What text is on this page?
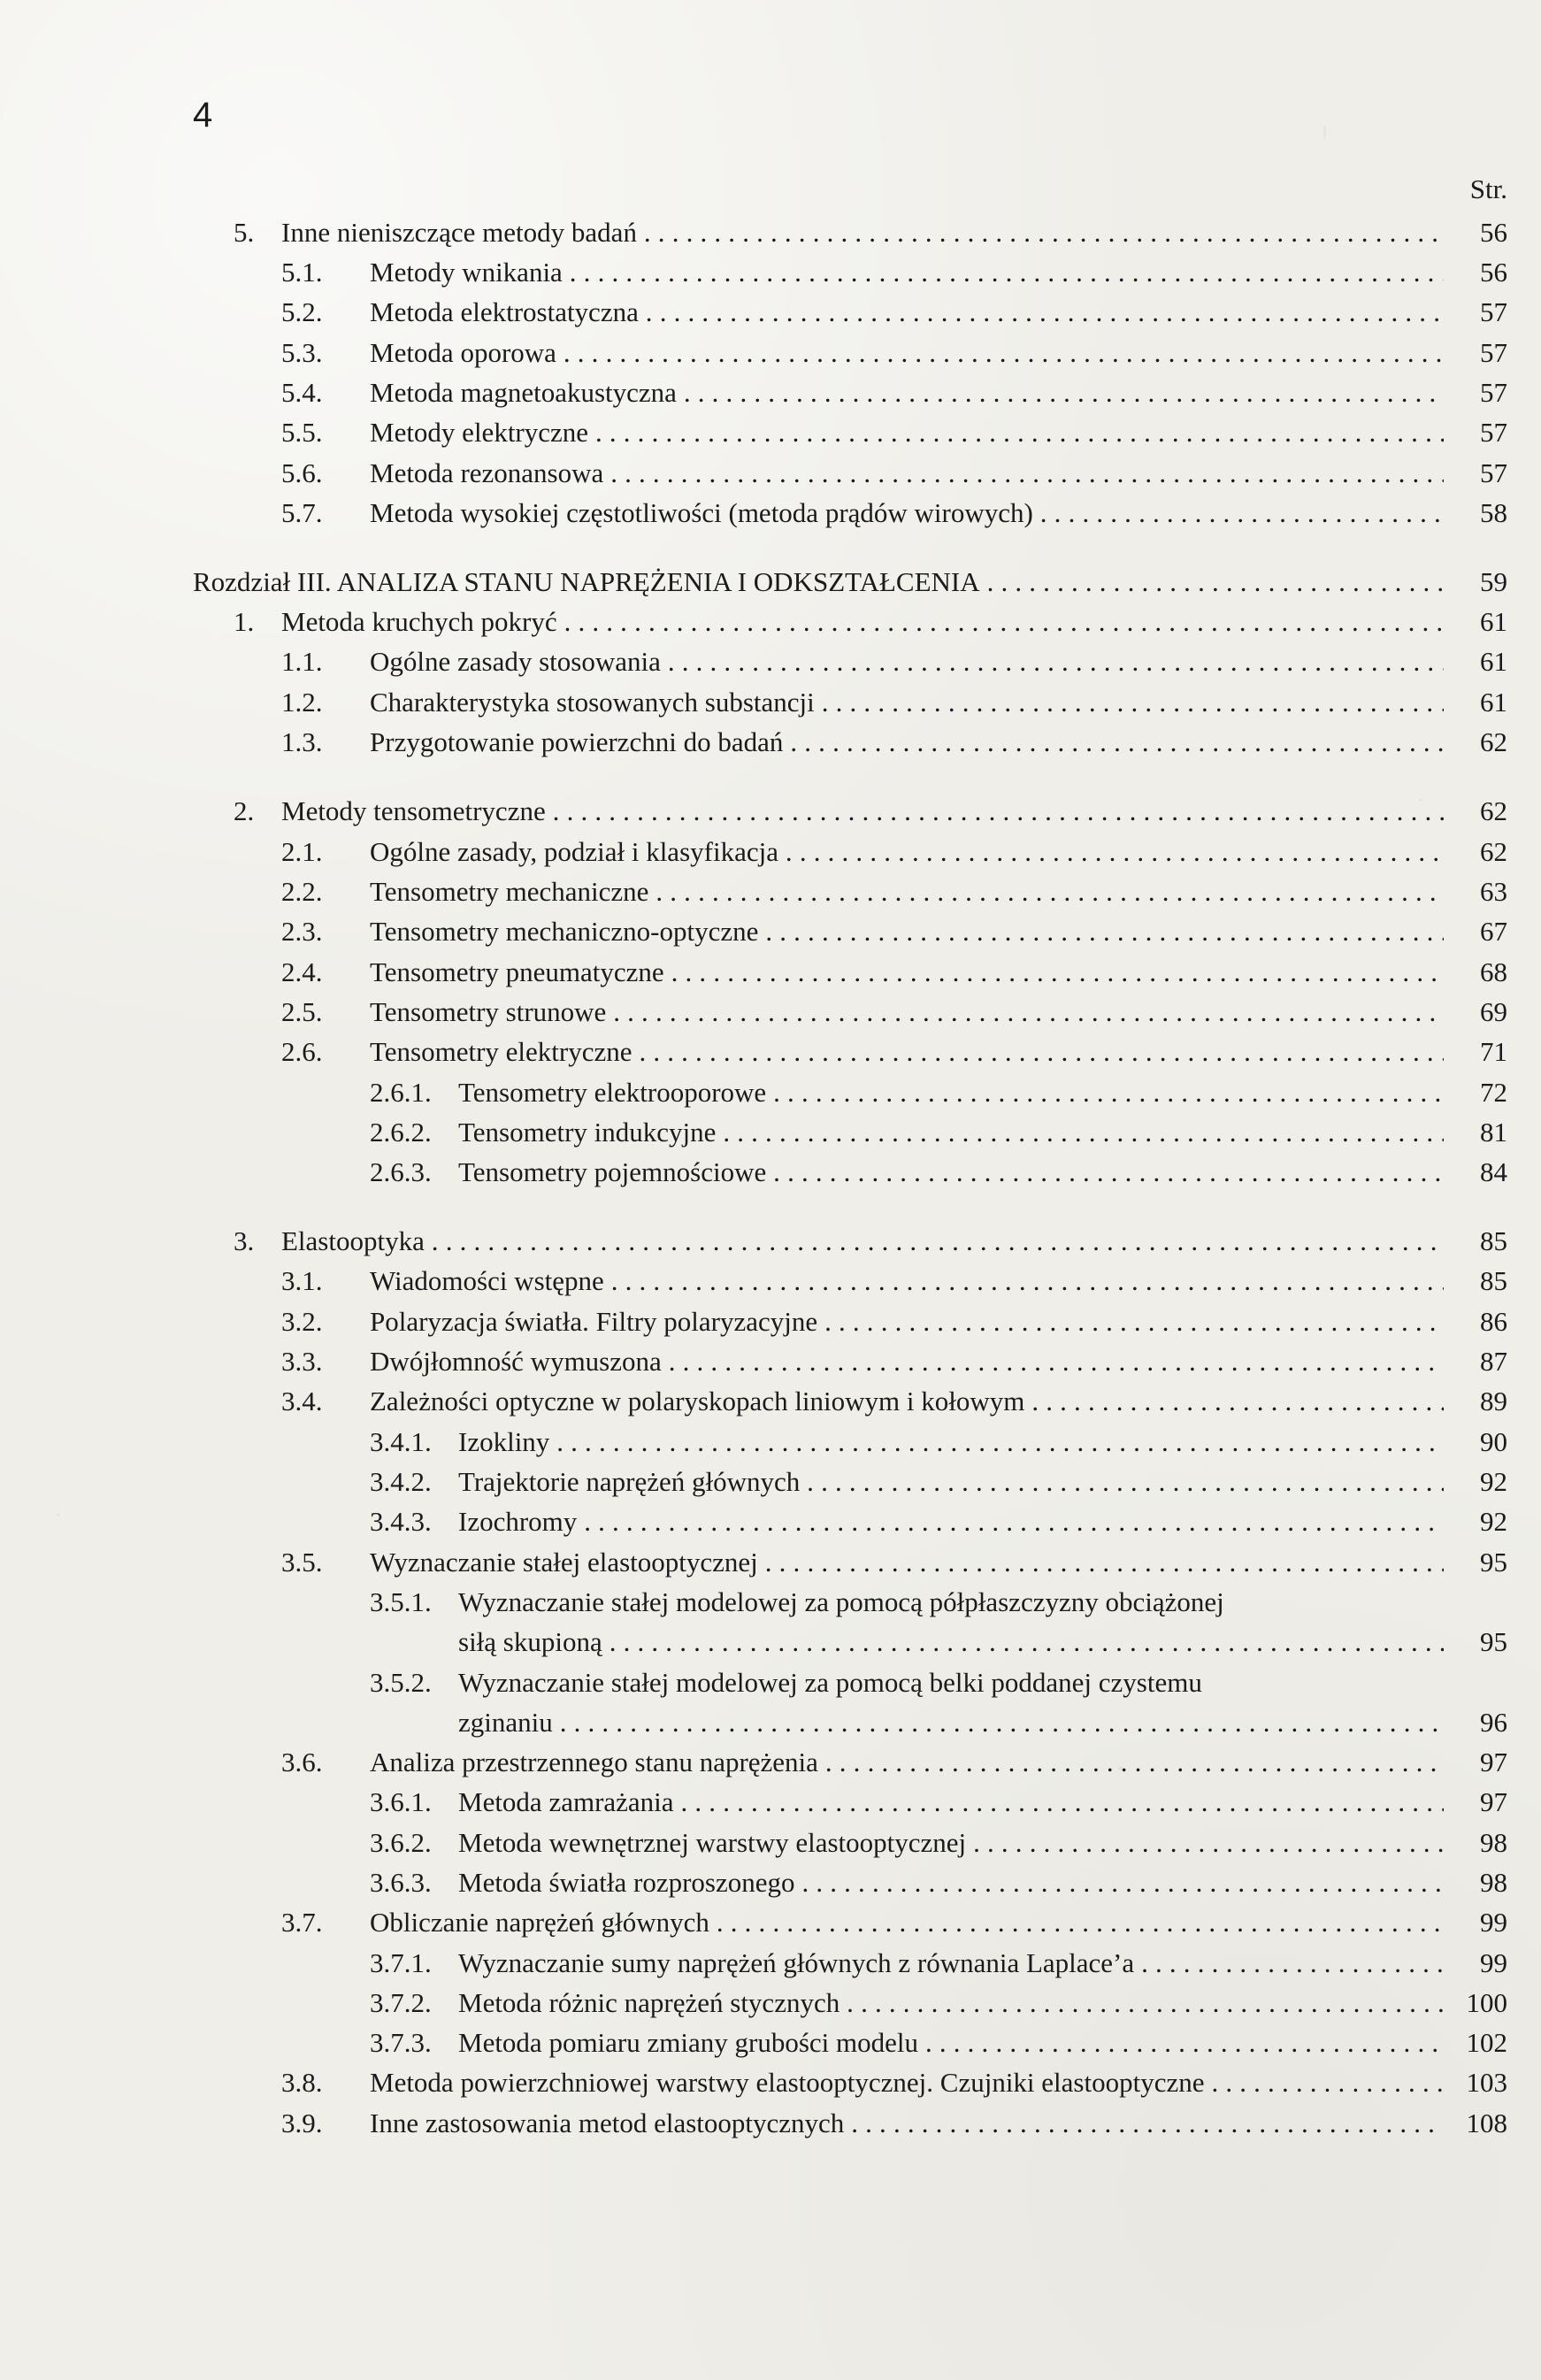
4
Str.
5. Inne nieniszczące metody badań . . .	56
5.1. Metody wnikania . . .	56
5.2. Metoda elektrostatyczna . . .	57
5.3. Metoda oporowa . . .	57
5.4. Metoda magnetoakustyczna . . .	57
5.5. Metody elektryczne . . .	57
5.6. Metoda rezonansowa . . .	57
5.7. Metoda wysokiej częstotliwości (metoda prądów wirowych) . . .	58
Rozdział III. ANALIZA STANU NAPRĘŻENIA I ODKSZTAŁCENIA . . .	59
1. Metoda kruchych pokryć . . .	61
1.1. Ogólne zasady stosowania . . .	61
1.2. Charakterystyka stosowanych substancji . . .	61
1.3. Przygotowanie powierzchni do badań . . .	62
2. Metody tensometryczne . . .	62
2.1. Ogólne zasady, podział i klasyfikacja . . .	62
2.2. Tensometry mechaniczne . . .	63
2.3. Tensometry mechaniczno-optyczne . . .	67
2.4. Tensometry pneumatyczne . . .	68
2.5. Tensometry strunowe . . .	69
2.6. Tensometry elektryczne . . .	71
2.6.1. Tensometry elektrooporowe . . .	72
2.6.2. Tensometry indukcyjne . . .	81
2.6.3. Tensometry pojemnościowe . . .	84
3. Elastooptyka . . .	85
3.1. Wiadomości wstępne . . .	85
3.2. Polaryzacja światła. Filtry polaryzacyjne . . .	86
3.3. Dwójłomność wymuszona . . .	87
3.4. Zależności optyczne w polaryskopach liniowym i kołowym . . .	89
3.4.1. Izokliny . . .	90
3.4.2. Trajektorie naprężeń głównych . . .	92
3.4.3. Izochromy . . .	92
3.5. Wyznaczanie stałej elastooptycznej . . .	95
3.5.1. Wyznaczanie stałej modelowej za pomocą półpłaszczyzny obciążonej
siłą skupioną . . .	95
3.5.2. Wyznaczanie stałej modelowej za pomocą belki poddanej czystemu
zginaniu . . .	96
3.6. Analiza przestrzennego stanu naprężenia . . .	97
3.6.1. Metoda zamrażania . . .	97
3.6.2. Metoda wewnętrznej warstwy elastooptycznej . . .	98
3.6.3. Metoda światła rozproszonego . . .	98
3.7. Obliczanie naprężeń głównych . . .	99
3.7.1. Wyznaczanie sumy naprężeń głównych z równania Laplace’a . . .	99
3.7.2. Metoda różnic naprężeń stycznych . . .	100
3.7.3. Metoda pomiaru zmiany grubości modelu . . .	102
3.8. Metoda powierzchniowej warstwy elastooptycznej. Czujniki elastooptyczne . . .	103
3.9. Inne zastosowania metod elastooptycznych . . .	108
